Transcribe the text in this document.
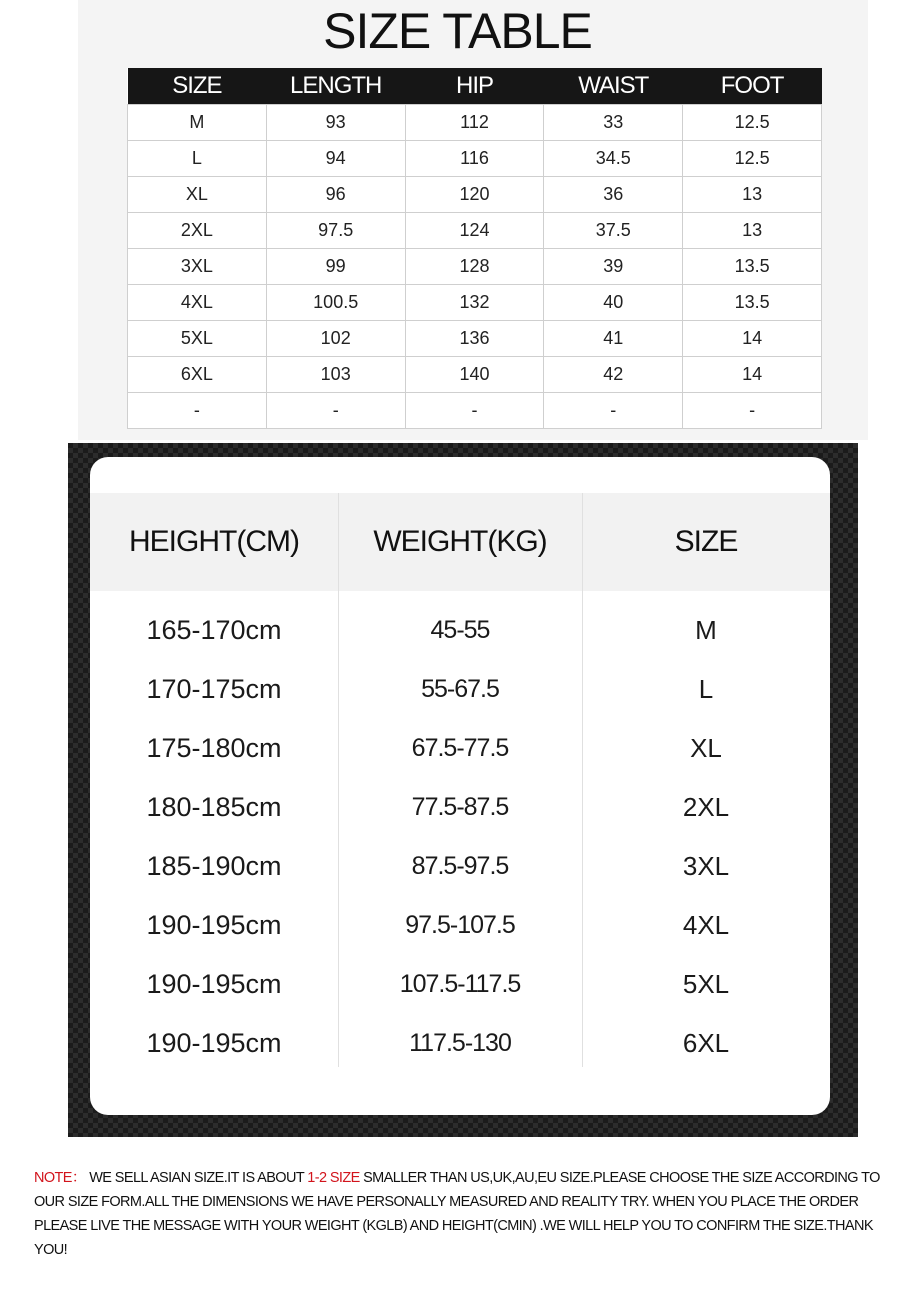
SIZE TABLE
SIZE	LENGTH	HIP	WAIST	FOOT
M	93	112	33	12.5
L	94	116	34.5	12.5
XL	96	120	36	13
2XL	97.5	124	37.5	13
3XL	99	128	39	13.5
4XL	100.5	132	40	13.5
5XL	102	136	41	14
6XL	103	140	42	14
-	-	-	-	-
HEIGHT(CM)	WEIGHT(KG)	SIZE
165-170cm	45-55	M
170-175cm	55-67.5	L
175-180cm	67.5-77.5	XL
180-185cm	77.5-87.5	2XL
185-190cm	87.5-97.5	3XL
190-195cm	97.5-107.5	4XL
190-195cm	107.5-117.5	5XL
190-195cm	117.5-130	6XL
NOTE： WE SELL ASIAN SIZE.IT IS ABOUT 1-2 SIZE SMALLER THAN US,UK,AU,EU SIZE.PLEASE CHOOSE THE SIZE ACCORDING TO OUR SIZE FORM.ALL THE DIMENSIONS WE HAVE PERSONALLY MEASURED AND REALITY TRY. WHEN YOU PLACE THE ORDER PLEASE LIVE THE MESSAGE WITH YOUR WEIGHT (KGLB) AND HEIGHT(CMIN) .WE WILL HELP YOU TO CONFIRM THE SIZE.THANK YOU!
